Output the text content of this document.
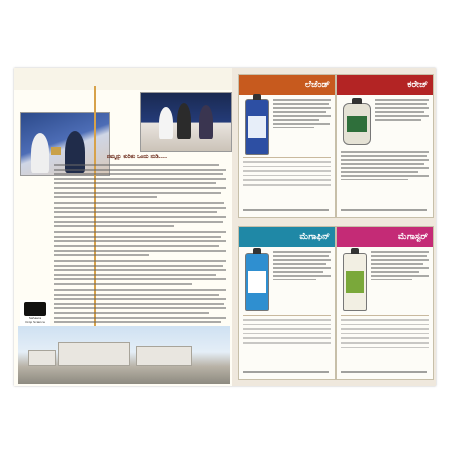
ನಮ್ಮನ್ನು ಕುರಿತು ಒಂದು ನುಡಿ....
Sahasra
Crop Science
ಲೆಜೆಂಡ್	ಕರೇಜ್
ಮೆಗಾಫಿನ್	ಮೆಗಾಸ್ಟರ್
